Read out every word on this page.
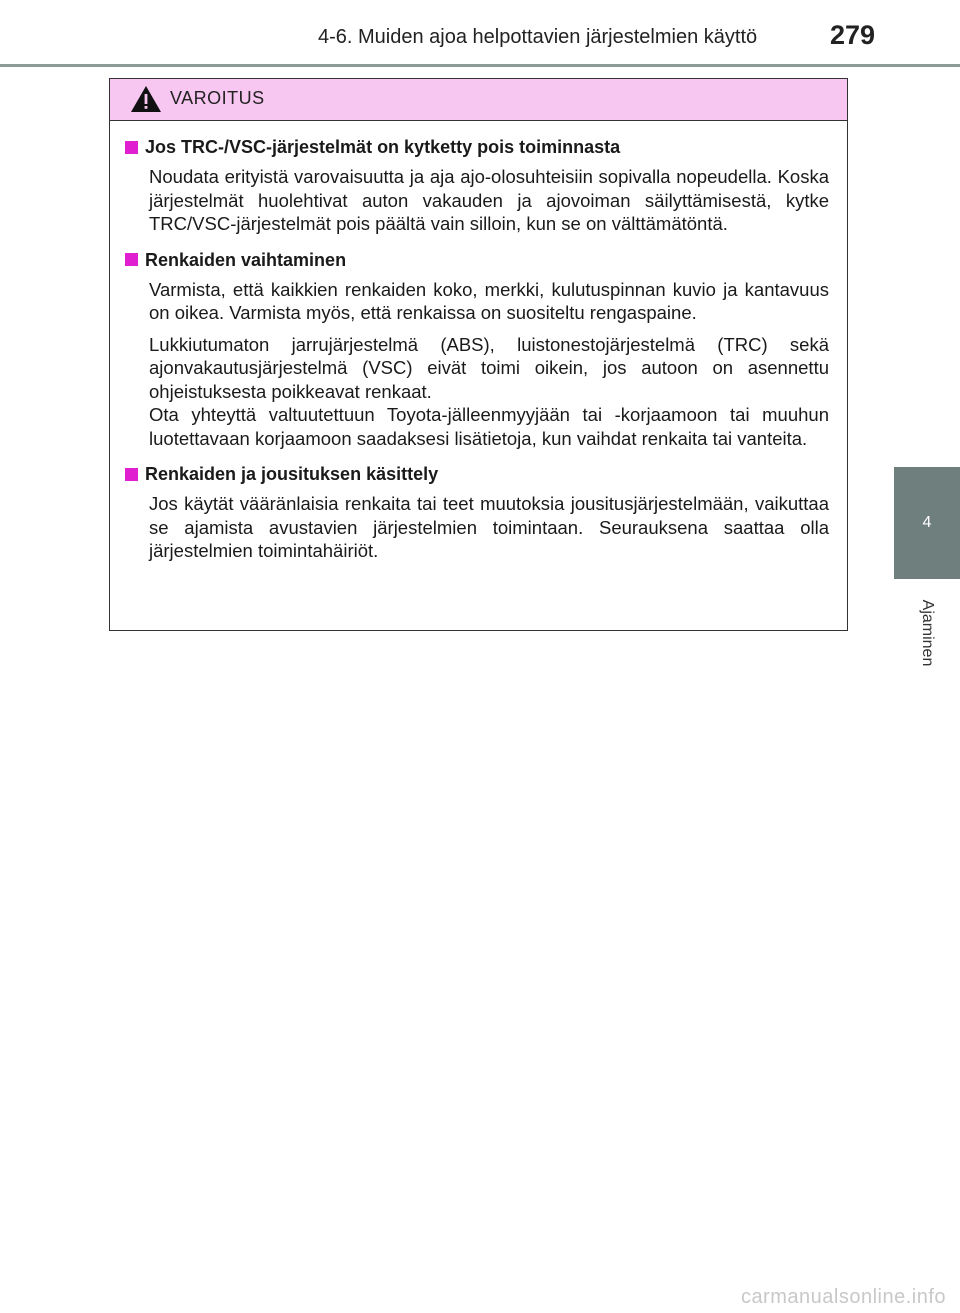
4-6. Muiden ajoa helpottavien järjestelmien käyttö	279
4
Ajaminen
VAROITUS
Jos TRC-/VSC-järjestelmät on kytketty pois toiminnasta
Noudata erityistä varovaisuutta ja aja ajo-olosuhteisiin sopivalla nopeudella. Koska järjestelmät huolehtivat auton vakauden ja ajovoiman säilyttämisestä, kytke TRC/VSC-järjestelmät pois päältä vain silloin, kun se on välttämätöntä.
Renkaiden vaihtaminen
Varmista, että kaikkien renkaiden koko, merkki, kulutuspinnan kuvio ja kantavuus on oikea. Varmista myös, että renkaissa on suositeltu rengaspaine.
Lukkiutumaton jarrujärjestelmä (ABS), luistonestojärjestelmä (TRC) sekä ajonvakautusjärjestelmä (VSC) eivät toimi oikein, jos autoon on asennettu ohjeistuksesta poikkeavat renkaat.
Ota yhteyttä valtuutettuun Toyota-jälleenmyyjään tai -korjaamoon tai muuhun luotettavaan korjaamoon saadaksesi lisätietoja, kun vaihdat renkaita tai vanteita.
Renkaiden ja jousituksen käsittely
Jos käytät vääränlaisia renkaita tai teet muutoksia jousitusjärjestelmään, vaikuttaa se ajamista avustavien järjestelmien toimintaan. Seurauksena saattaa olla järjestelmien toimintahäiriöt.
carmanualsonline.info
